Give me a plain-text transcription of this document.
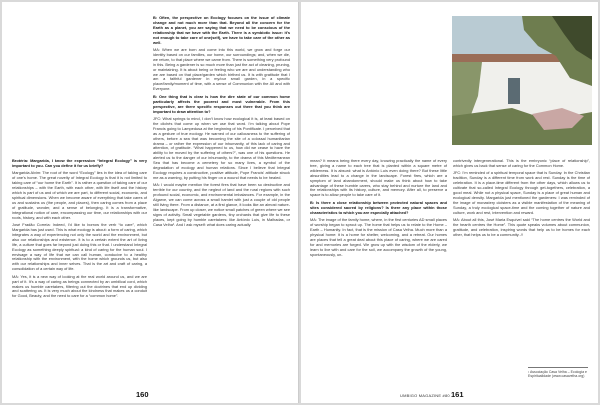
Brotéria: Margarida, I know the expression “Integral Ecology” is very important to you. Can you define it for us briefly?

Margarida Alvim: The root of the word “Ecology” lies in the idea of taking care of one’s home. The great novelty of Integral Ecology is that it is not limited to taking care of “our home the Earth”. It is rather a question of taking care of our relationships – with the Earth, with each other, with life itself and the history which is part of us and of which we are part, to different social, economic, and spiritual dimensions. When we become aware of everything that take cares of us and sustains us (the people, and places), then caring comes from a place of gratitude, wonder, and a sense of belonging. It is a transformative, integrational notion of care, encompassing our time, our relationships with our roots, history, and with each other.

José Fradão Correia: Indeed, I’d like to borrow the verb “to care”, which Margarida has just used. This is what ecology is about: a form of caring, which integrates a way of experiencing not only the world and the environment, but also our relationships and existence. It is to a certain extent the art of living life, a culture that goes far beyond just doing this or that. I understand Integral Ecology as something deeply spiritual: a kind of caring for the human soul. I envisage a way of life that we can call human, conducive to a healthy relationship with the environment, with the home which grounds us, but also with our relationships and inner selves. That is the art and craft of caring, a consolidation of a certain way of life.

MA: Yes, it is a new way of looking at the real world around us, and we are part of it. It’s a way of caring as beings connected by an umbilical cord, which makes us humble caretakers, filtering out the doctrines that end up dividing and scattering us. It is very much about the kindness that makes us a conduit for Good, Beauty, and the need to care for a “common home”.

B: Often, the perspective on Ecology focuses on the issue of climate change and not much more than that. Beyond all the concern for the Earth as a planet, you are saying that we need to be conscious of the relationship that we have with the Earth. There is a symbiotic issue: it’s not enough to take care of one(self), we have to take care of the other as well.

MA: When we are born and come into this world, we grow and forge our identity based on our families, our home, our surroundings; and, when we die, we return, to that place where we came from. There is something very profound in this. Being a gardener is so much more than just the act of cleaning, pruning, or maintaining. It is about being or feeling who we are and understanding who we are based on that place/garden which birthed us. It is with gratitude that I am a faithful gardener in my/our small garden, in a specific place/family/moment of time, with a sense of Communion with the All and with Everyone.

B: One thing that is clear is how the dire state of our common home particularly affects the poorest and most vulnerable. From this perspective, are there specific responses out there that you think are important to draw attention to?

JFC: What springs to mind, I don’t know how ecological it is, at least based on the clichés that come up when we use that word. I’m talking about Pope Francis going to Lampedusa at the beginning of his Pontificate. I perceived that as a gesture of true ecology. He warned of our callousness to the suffering of others, before a sea that was becoming the site of a colossal humanitarian drama – or rather the expression of our inhumanity, of this lack of caring and attention, of gratitude. “What happened to us, how did we cease to have the ability to be moved by the suffering of others?”, was one of his questions. He alerted us to the danger of our inhumanity, to the drama of this Mediterranean Sea that has become a cemetery for so many lives, a symbol of the degradation of ecology and human relations. Since I believe that Integral Ecology requires a constructive, positive attitude, Pope Francis’ attitude struck me as a warning, by putting his finger on a wound that needs to be healed.

MA: I would maybe mention the forest fires that have been so destructive and terrible for our country, and the neglect of land and the rural regions with such profound social, economic, and environmental imbalances. For example, in the Algarve, we can come across a small hamlet with just a couple of old people still living there. From a distance, at a first glance, it looks like an almost nature-like landscape. From up closer, we notice small patches of green where we see signs of activity. Small vegetable gardens, tiny orchards that give life to these places, kept going by humble caretakers: like António Luís, in Malhadas, or Casa Velha¹. And I ask myself: what does caring actually

160

mean? It means being there every day, knowing practically the name of every tree, giving a name to each tree that is planted within a square metre of wilderness. It is absurd: what is António Luís even doing there? But these little absurdities lead to a change in the landscape. Forest fires, which are a symptom of land abandonment, should make us think about how to take advantage of these humble carers, who stay behind and nurture the land and the relationships with its history, culture, and memory. After all, to preserve a space is to allow people to take care of it.

B: Is there a close relationship between protected natural spaces and sites considered sacred by religions? Is there any place within those characteristics to which you are especially attached?

MA: The image of the family home, where, in the first centuries AD small places of worship began to sprout up. The home that helps us to relate to the Home – Earth – Humanity. In fact, that is the mission of Casa Velha. Much more than a physical home: it is a home for shelter, welcoming, and a retreat. Our homes are places that tell a great deal about this place of caring, where we are cared for and memories are forged. We grow up with the wisdom of the elderly, we learn to live with and care for the soil, we accompany the growth of the young, spontaneously, un-

contrivedly intergenerational. This is the embryonic “place of relationship”, which gives us back that sense of caring for the Common Home.

JFC: I’m reminded of a spiritual temporal space that is Sunday. In the Christian tradition, Sunday is a different time from work and rest. Sunday is the time of celebration. It is a place-time different from the other days, which allows us to cultivate that so-called Integral Ecology through get-togethers, celebration, a good meal. While not a physical space, Sunday is a place of great human and ecological density. Margarida just mentioned the gardeners: I was reminded of the image of monastery cloisters as a visible manifestation of the meaning of Sunday, a truly ecological space-time and the coming together of nature and culture, work and rest, intervention and reward.

MA: About all this, José Maria Esquível said “The home centres the World and the hearth centres the Home”. This quote speaks volumes about communion, gratitude, and celebration, inspiring words that help us to be homes for each other, that helps us to be a community. //

¹ Associação Casa Velha – Ecologia e Espiritualidade (www.casavelha.org)
UMBIGO MAGAZINE #80 161
